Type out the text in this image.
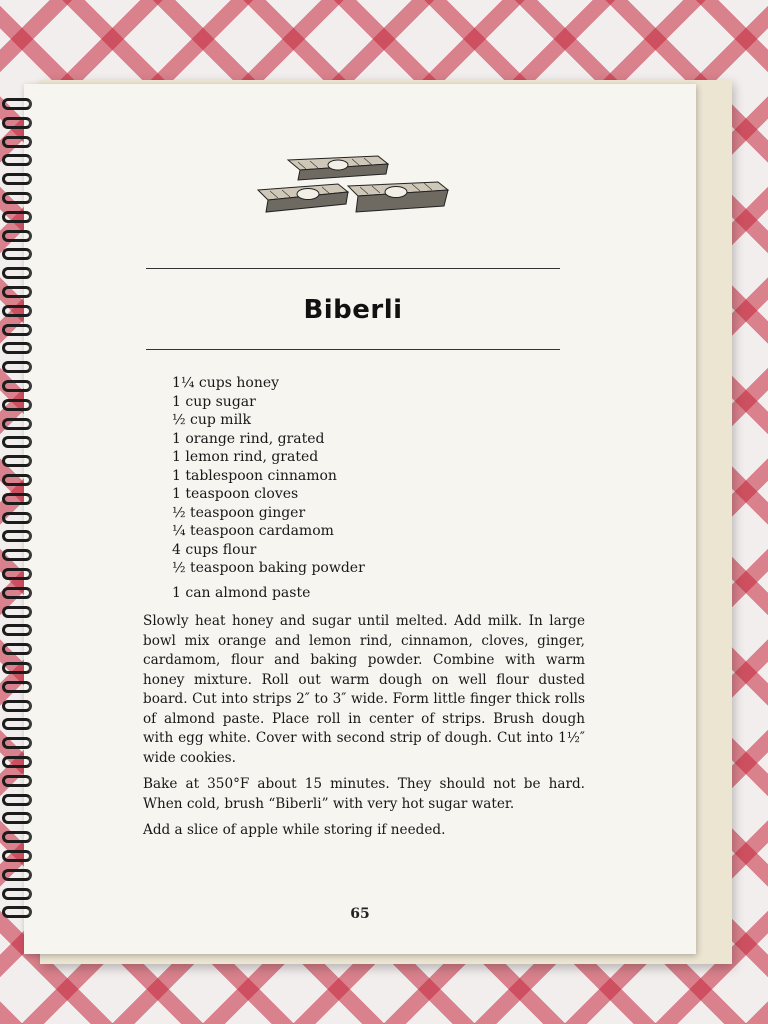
Biberli
1¼ cups honey
1 cup sugar
½ cup milk
1 orange rind, grated
1 lemon rind, grated
1 tablespoon cinnamon
1 teaspoon cloves
½ teaspoon ginger
¼ teaspoon cardamom
4 cups flour
½ teaspoon baking powder
1 can almond paste

Slowly heat honey and sugar until melted. Add milk. In large bowl mix orange and lemon rind, cinnamon, cloves, ginger, cardamom, flour and baking powder. Combine with warm honey mixture. Roll out warm dough on well flour dusted board. Cut into strips 2″ to 3″ wide. Form little finger thick rolls of almond paste. Place roll in center of strips. Brush dough with egg white. Cover with second strip of dough. Cut into 1½″ wide cookies.

Bake at 350°F about 15 minutes. They should not be hard. When cold, brush “Biberli” with very hot sugar water.

Add a slice of apple while storing if needed.

65
